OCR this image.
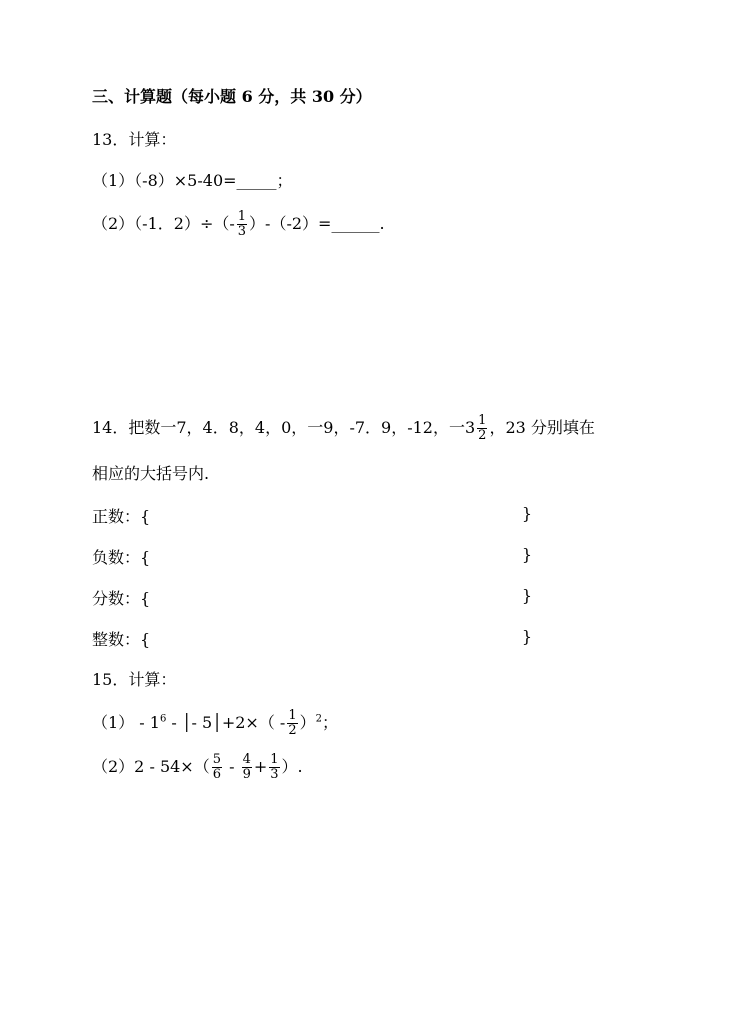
三、计算题（每小题 6 分，共 30 分）
13．计算：
（1）（-8）×5-40=_____；
（2）（-1．$2)\div(- \frac{1}{3}$ ）-（-2）=______.
14．把数一7，4．8，4，0，一9，-7．9，-12，一$3 \frac{1}{2}$ ，23 分别填在
相应的大括号内.
正数：{	}
负数：{	}
分数：{	}
整数：{	}
15．计算：
$(1) - 1^6$ - │- 5│+2×（ - $\frac{1}{2} )^2$；
$(2)2 - 54\times( \frac{5}{6} - \frac{4}{9} + \frac{1}{3}$ ）.
